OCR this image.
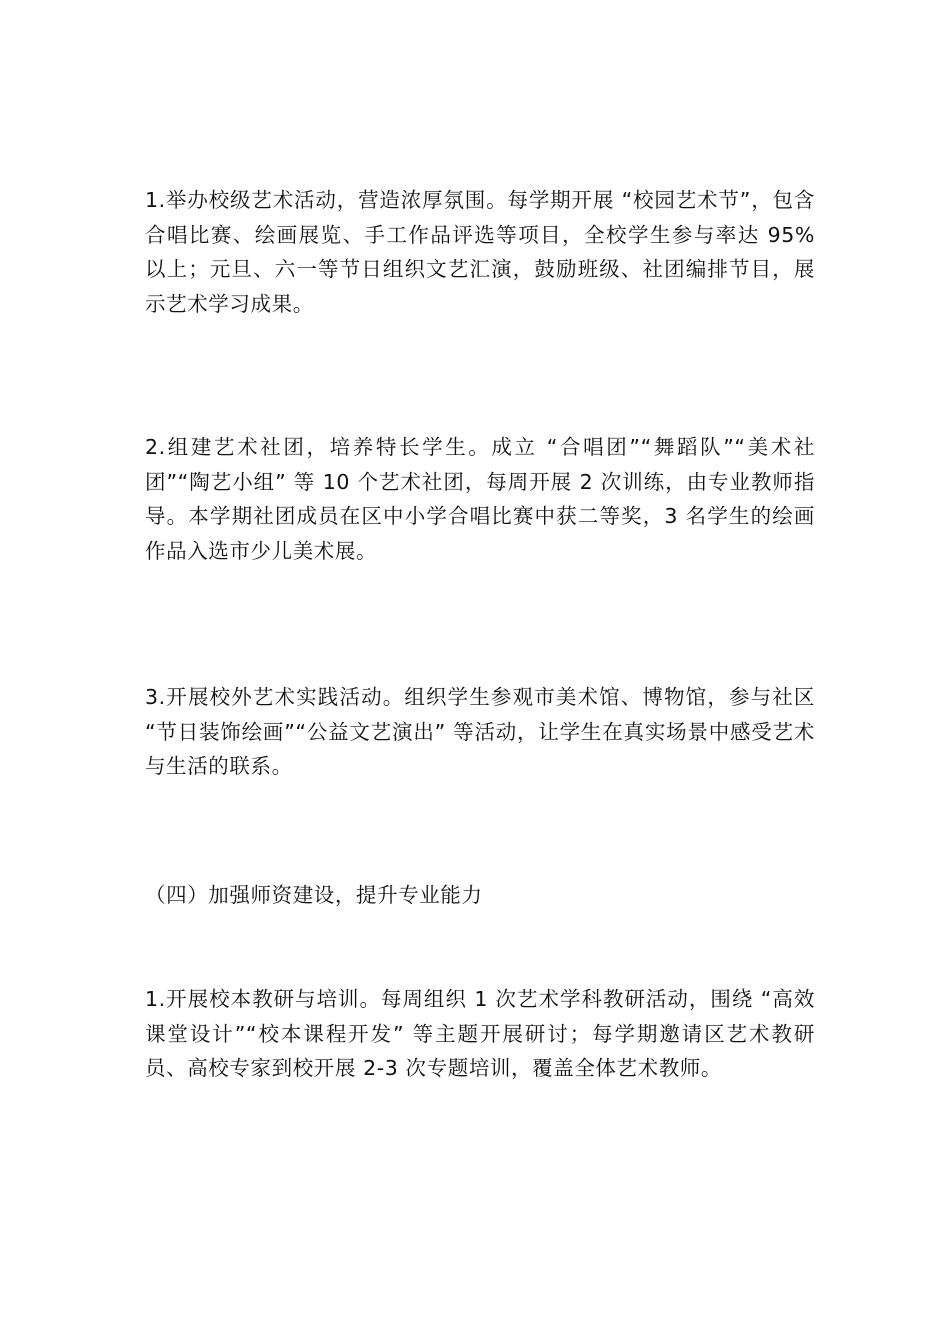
1.举办校级艺术活动，营造浓厚氛围。每学期开展 “校园艺术节”，包含合唱比赛、绘画展览、手工作品评选等项目，全校学生参与率达 95% 以上；元旦、六一等节日组织文艺汇演，鼓励班级、社团编排节目，展示艺术学习成果。

2.组建艺术社团，培养特长学生。成立 “合唱团”“舞蹈队”“美术社团”“陶艺小组” 等 10 个艺术社团，每周开展 2 次训练，由专业教师指导。本学期社团成员在区中小学合唱比赛中获二等奖，3 名学生的绘画作品入选市少儿美术展。

3.开展校外艺术实践活动。组织学生参观市美术馆、博物馆，参与社区 “节日装饰绘画”“公益文艺演出” 等活动，让学生在真实场景中感受艺术与生活的联系。

（四）加强师资建设，提升专业能力

1.开展校本教研与培训。每周组织 1 次艺术学科教研活动，围绕 “高效课堂设计”“校本课程开发” 等主题开展研讨；每学期邀请区艺术教研员、高校专家到校开展 2-3 次专题培训，覆盖全体艺术教师。
